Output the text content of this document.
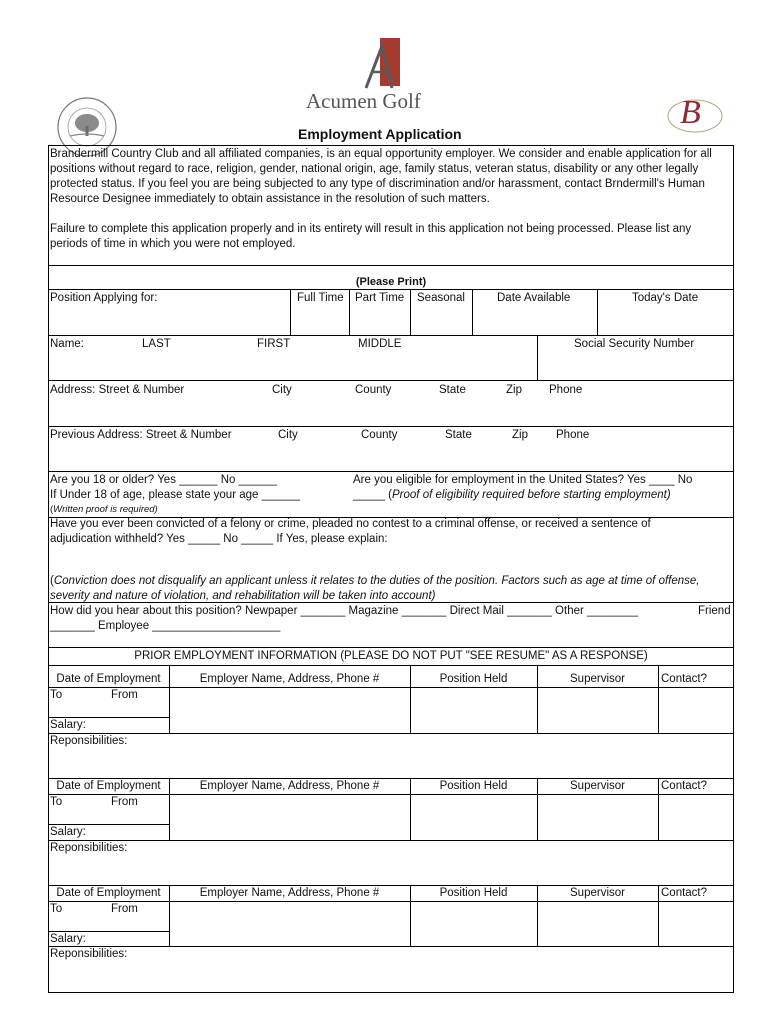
Acumen Golf	B
Employment Application
Brandermill Country Club and all affiliated companies, is an equal opportunity employer. We consider and enable application for all positions without regard to race, religion, gender, national origin, age, family status, veteran status, disability or any other legally protected status. If you feel you are being subjected to any type of discrimination and/or harassment, contact Brndermill's Human Resource Designee immediately to obtain assistance in the resolution of such matters.
Failure to complete this application properly and in its entirety will result in this application not being processed. Please list any periods of time in which you were not employed.
(Please Print)
Position Applying for:	Full Time Part Time Seasonal	Date Available	Today's Date
Name:	LAST	FIRST	MIDDLE	Social Security Number
Address: Street & Number	City	County	State	Zip Phone
Previous Address: Street & Number	City	County	State	Zip Phone
Are you 18 or older? Yes ______ No ______	Are you eligible for employment in the United States? Yes ____ No
If Under 18 of age, please state your age ______	_____ (Proof of eligibility required before starting employment)
(Written proof is required)
Have you ever been convicted of a felony or crime, pleaded no contest to a criminal offense, or received a sentence of
adjudication withheld? Yes _____ No _____ If Yes, please explain:
(Conviction does not disqualify an applicant unless it relates to the duties of the position. Factors such as age at time of offense,
severity and nature of violation, and rehabilitation will be taken into account)
How did you hear about this position? Newpaper _______ Magazine _______ Direct Mail _______ Other ________	Friend
_______ Employee ____________________
PRIOR EMPLOYMENT INFORMATION (PLEASE DO NOT PUT "SEE RESUME" AS A RESPONSE)
Date of Employment	Employer Name, Address, Phone #	Position Held	Supervisor	Contact?
To	From
Salary:
Reponsibilities:
Date of Employment	Employer Name, Address, Phone #	Position Held	Supervisor	Contact?
To	From
Salary:
Reponsibilities:
Date of Employment	Employer Name, Address, Phone #	Position Held	Supervisor	Contact?
To	From
Salary:
Reponsibilities:
